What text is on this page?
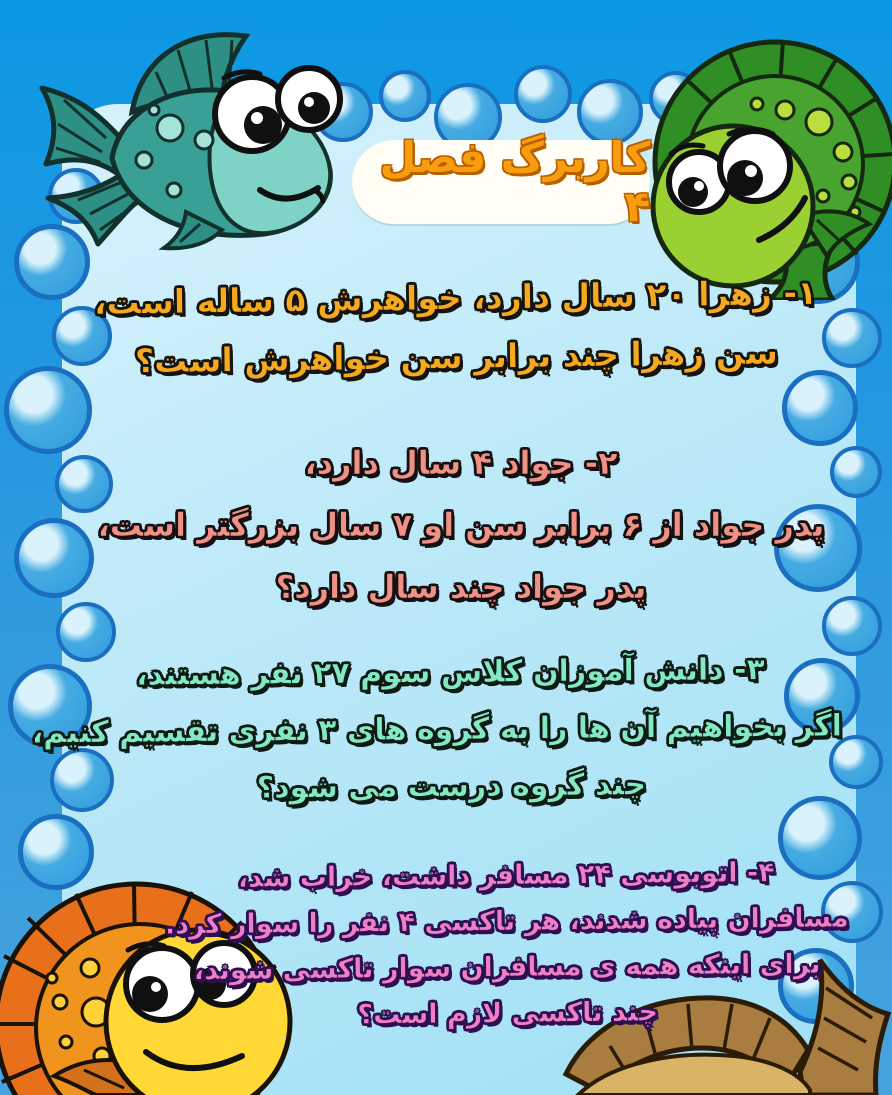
کاربرگ فصل ۴
۱- زهرا ۲۰ سال دارد، خواهرش ۵ ساله است،
سن زهرا چند برابر سن خواهرش است؟
۲- جواد ۴ سال دارد،
پدر جواد از ۶ برابر سن او ۷ سال بزرگتر است،
پدر جواد چند سال دارد؟
۳- دانش آموزان کلاس سوم ۲۷ نفر هستند،
اگر بخواهیم آن ها را به گروه های ۳ نفری تقسیم کنیم،
چند گروه درست می شود؟
۴- اتوبوسی ۲۴ مسافر داشت، خراب شد،
مسافران پیاده شدند، هر تاکسی ۴ نفر را سوار کرد.
برای اینکه همه ی مسافران سوار تاکسی شوند،
چند تاکسی لازم است؟
